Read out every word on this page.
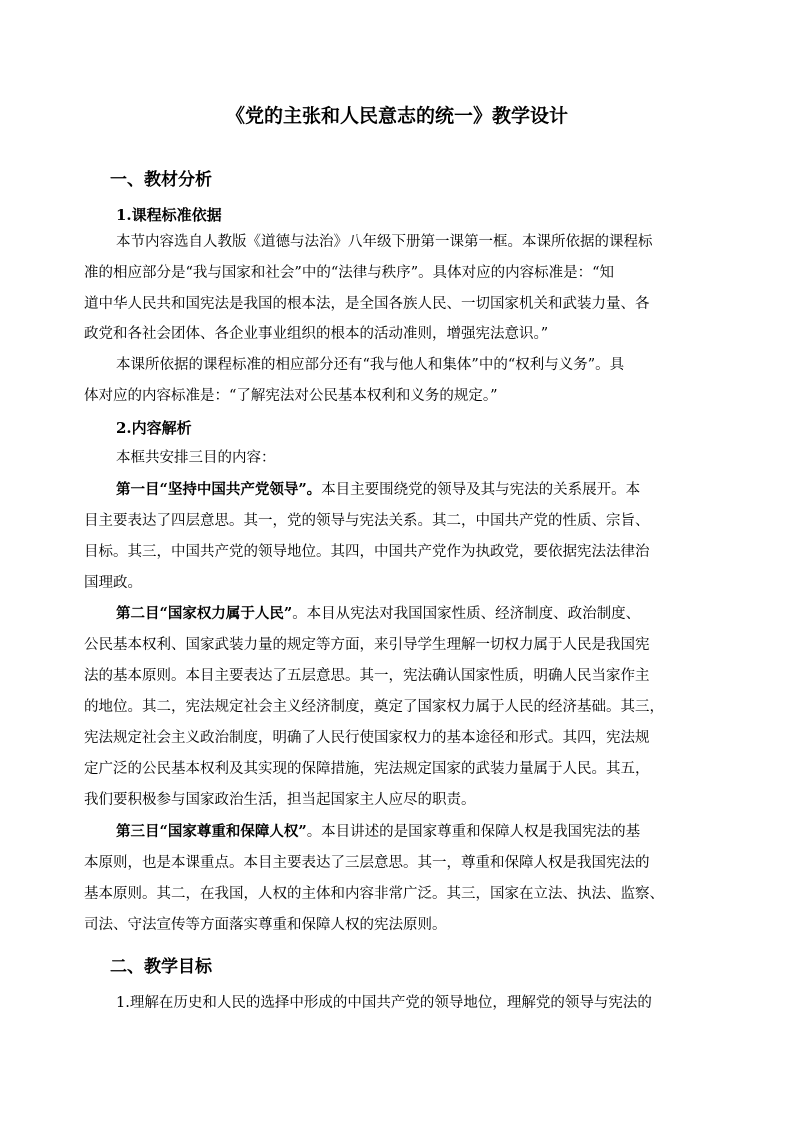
《党的主张和人民意志的统一》教学设计
一、教材分析
1.课程标准依据
本节内容选自人教版《道德与法治》八年级下册第一课第一框。本课所依据的课程标
准的相应部分是“我与国家和社会”中的“法律与秩序”。具体对应的内容标准是：“知
道中华人民共和国宪法是我国的根本法，是全国各族人民、一切国家机关和武装力量、各
政党和各社会团体、各企业事业组织的根本的活动准则，增强宪法意识。”
本课所依据的课程标准的相应部分还有“我与他人和集体”中的“权利与义务”。具
体对应的内容标准是：“了解宪法对公民基本权利和义务的规定。”
2.内容解析
本框共安排三目的内容：
第一目“坚持中国共产党领导”。本目主要围绕党的领导及其与宪法的关系展开。本
目主要表达了四层意思。其一，党的领导与宪法关系。其二，中国共产党的性质、宗旨、
目标。其三，中国共产党的领导地位。其四，中国共产党作为执政党，要依据宪法法律治
国理政。
第二目“国家权力属于人民”。本目从宪法对我国国家性质、经济制度、政治制度、
公民基本权利、国家武装力量的规定等方面，来引导学生理解一切权力属于人民是我国宪
法的基本原则。本目主要表达了五层意思。其一，宪法确认国家性质，明确人民当家作主
的地位。其二，宪法规定社会主义经济制度，奠定了国家权力属于人民的经济基础。其三，
宪法规定社会主义政治制度，明确了人民行使国家权力的基本途径和形式。其四，宪法规
定广泛的公民基本权利及其实现的保障措施，宪法规定国家的武装力量属于人民。其五，
我们要积极参与国家政治生活，担当起国家主人应尽的职责。
第三目“国家尊重和保障人权”。本目讲述的是国家尊重和保障人权是我国宪法的基
本原则，也是本课重点。本目主要表达了三层意思。其一，尊重和保障人权是我国宪法的
基本原则。其二，在我国，人权的主体和内容非常广泛。其三，国家在立法、执法、监察、
司法、守法宣传等方面落实尊重和保障人权的宪法原则。
二、教学目标
1.理解在历史和人民的选择中形成的中国共产党的领导地位，理解党的领导与宪法的
